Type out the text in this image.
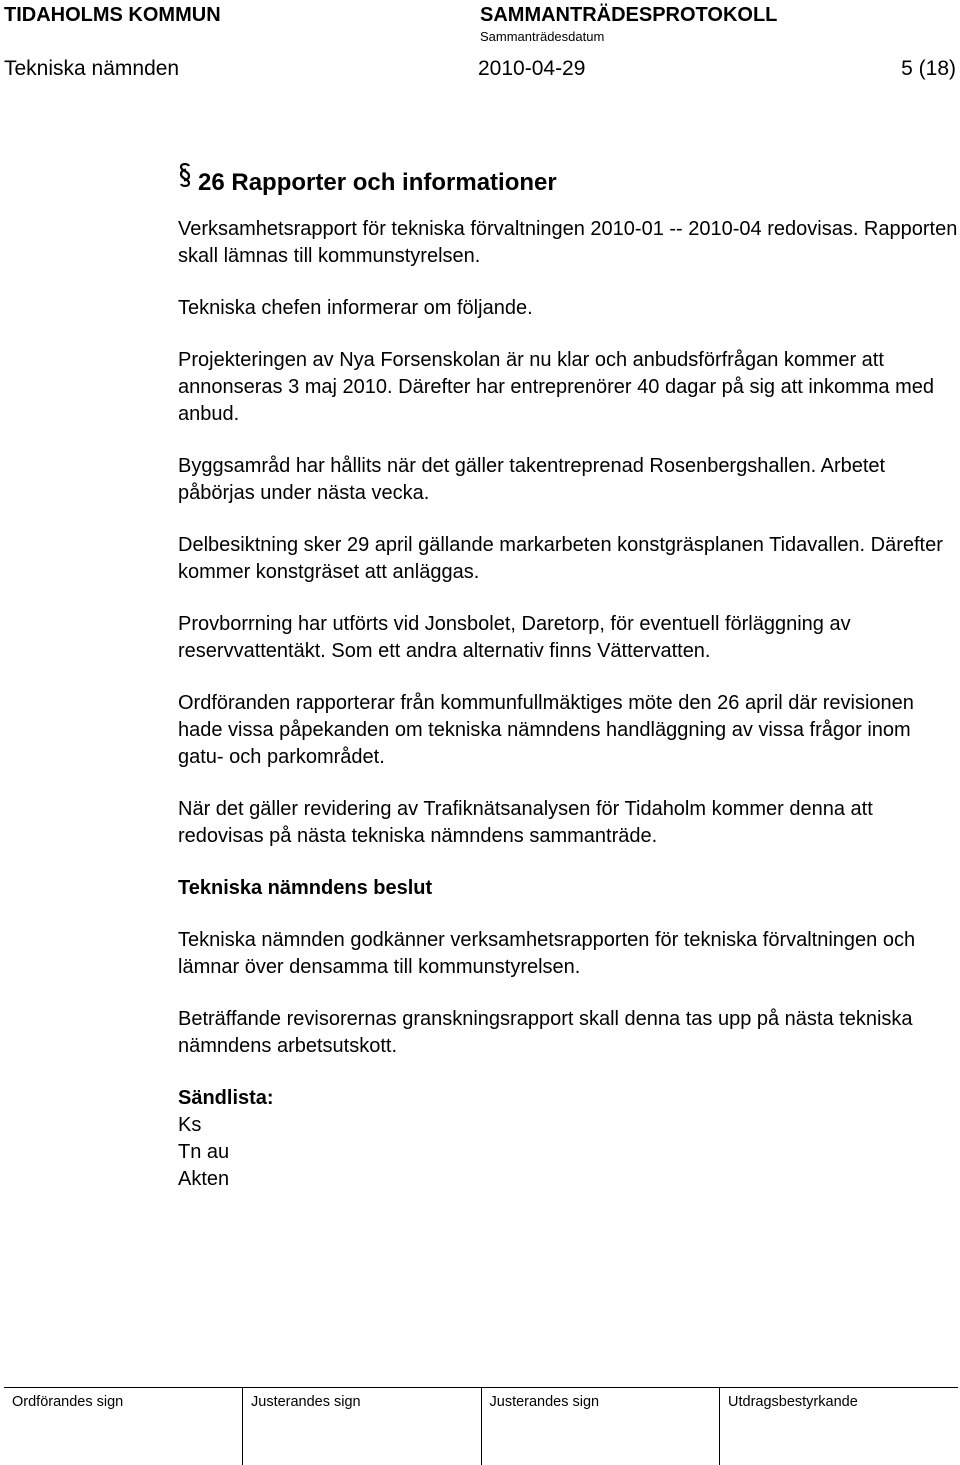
TIDAHOLMS KOMMUN	SAMMANTRÄDESPROTOKOLL
Sammanträdesdatum
Tekniska nämnden	2010-04-29	5 (18)
26 Rapporter och informationer

Verksamhetsrapport för tekniska förvaltningen 2010-01 -- 2010-04 redovisas. Rapporten skall lämnas till kommunstyrelsen.

Tekniska chefen informerar om följande.

Projekteringen av Nya Forsenskolan är nu klar och anbudsförfrågan kommer att annonseras 3 maj 2010. Därefter har entreprenörer 40 dagar på sig att inkomma med anbud.

Byggsamråd har hållits när det gäller takentreprenad Rosenbergshallen. Arbetet påbörjas under nästa vecka.

Delbesiktning sker 29 april gällande markarbeten konstgräsplanen Tidavallen. Därefter kommer konstgräset att anläggas.

Provborrning har utförts vid Jonsbolet, Daretorp, för eventuell förläggning av reservvattentäkt. Som ett andra alternativ finns Vättervatten.

Ordföranden rapporterar från kommunfullmäktiges möte den 26 april där revisionen hade vissa påpekanden om tekniska nämndens handläggning av vissa frågor inom gatu- och parkområdet.

När det gäller revidering av Trafiknätsanalysen för Tidaholm kommer denna att redovisas på nästa tekniska nämndens sammanträde.

Tekniska nämndens beslut

Tekniska nämnden godkänner verksamhetsrapporten för tekniska förvaltningen och lämnar över densamma till kommunstyrelsen.

Beträffande revisorernas granskningsrapport skall denna tas upp på nästa tekniska nämndens arbetsutskott.

Sändlista:
Ks
Tn au
Akten
Ordförandes sign	Justerandes sign	Justerandes sign	Utdragsbestyrkande
